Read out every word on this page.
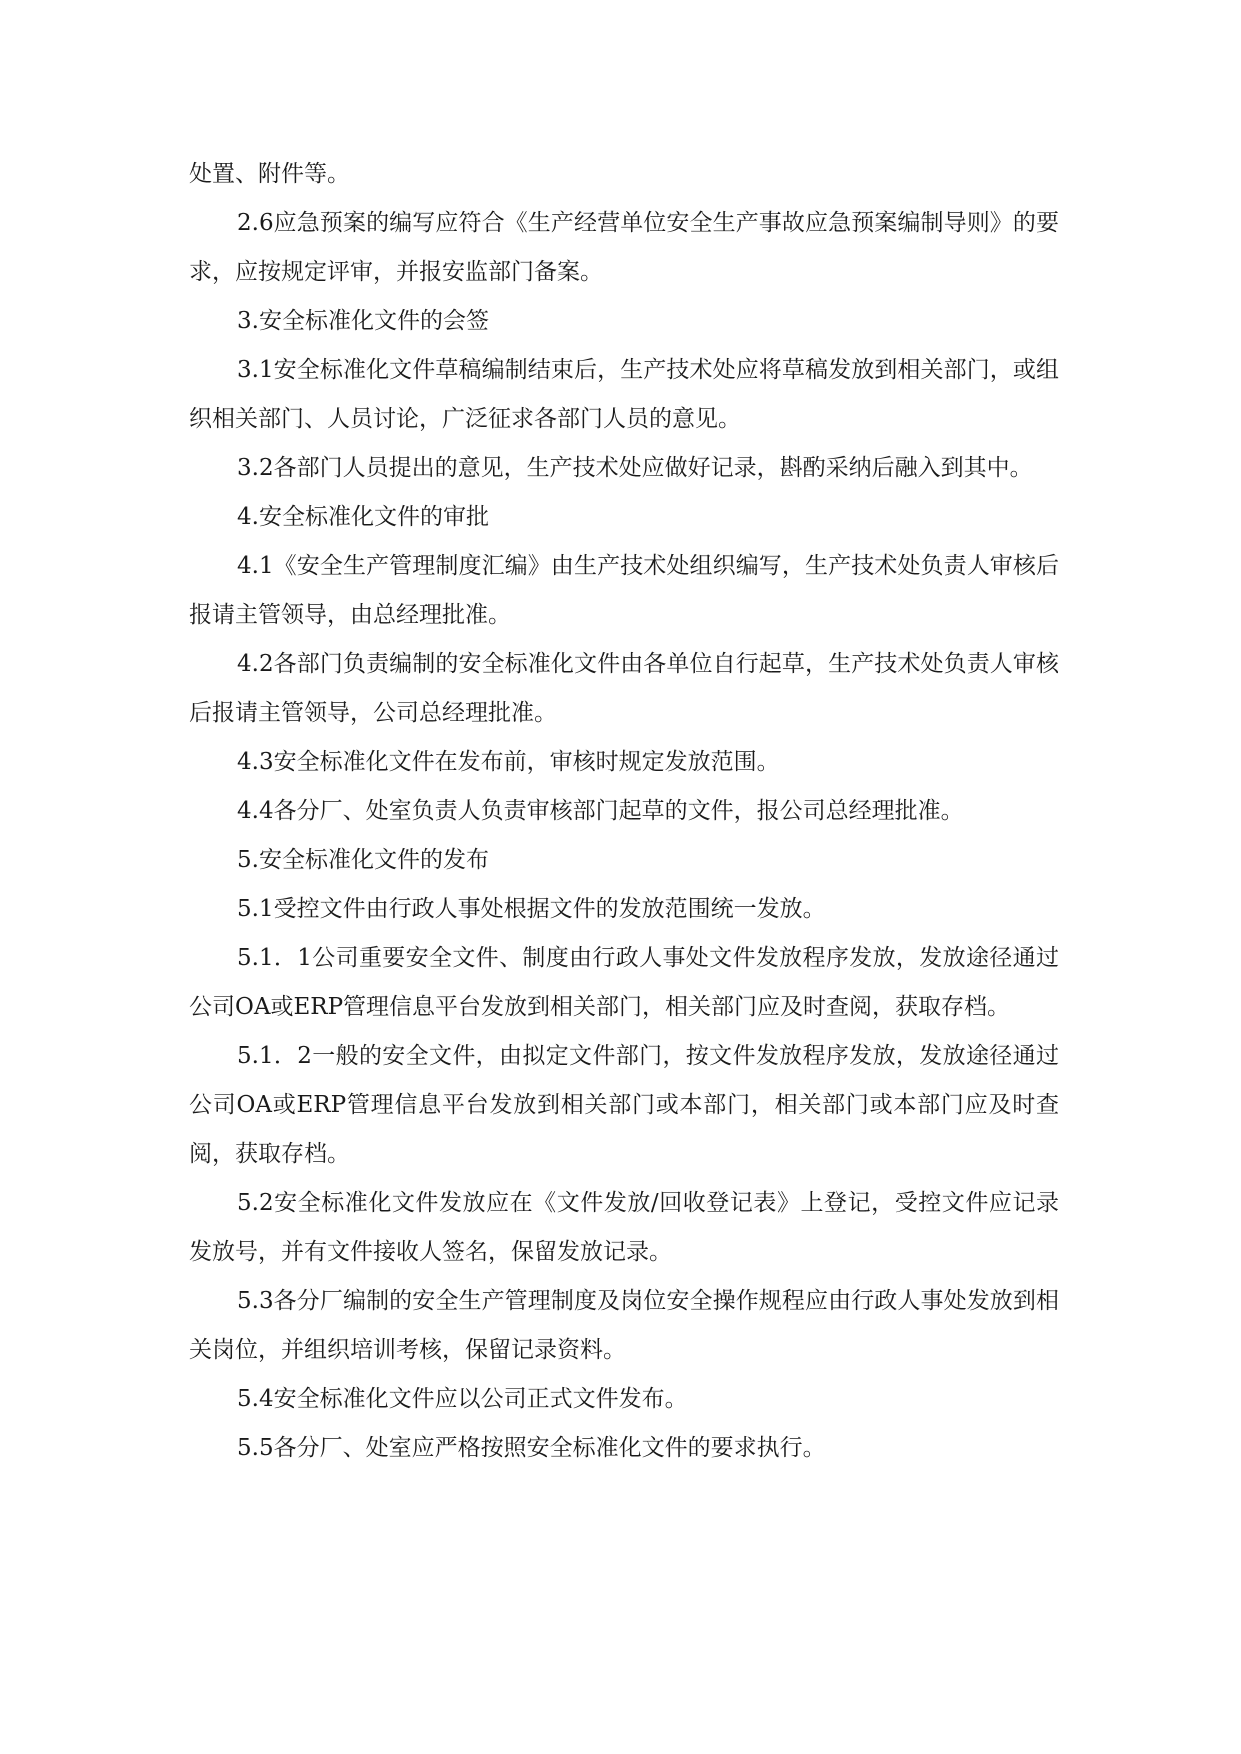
处置、附件等。

2.6应急预案的编写应符合《生产经营单位安全生产事故应急预案编制导则》的要求，应按规定评审，并报安监部门备案。

3.安全标准化文件的会签

3.1安全标准化文件草稿编制结束后，生产技术处应将草稿发放到相关部门，或组织相关部门、人员讨论，广泛征求各部门人员的意见。

3.2各部门人员提出的意见，生产技术处应做好记录，斟酌采纳后融入到其中。

4.安全标准化文件的审批

4.1《安全生产管理制度汇编》由生产技术处组织编写，生产技术处负责人审核后报请主管领导，由总经理批准。

4.2各部门负责编制的安全标准化文件由各单位自行起草，生产技术处负责人审核后报请主管领导，公司总经理批准。

4.3安全标准化文件在发布前，审核时规定发放范围。

4.4各分厂、处室负责人负责审核部门起草的文件，报公司总经理批准。

5.安全标准化文件的发布

5.1受控文件由行政人事处根据文件的发放范围统一发放。

5.1．1公司重要安全文件、制度由行政人事处文件发放程序发放，发放途径通过公司OA或ERP管理信息平台发放到相关部门，相关部门应及时查阅，获取存档。

5.1．2一般的安全文件，由拟定文件部门，按文件发放程序发放，发放途径通过公司OA或ERP管理信息平台发放到相关部门或本部门，相关部门或本部门应及时查阅，获取存档。

5.2安全标准化文件发放应在《文件发放/回收登记表》上登记，受控文件应记录发放号，并有文件接收人签名，保留发放记录。

5.3各分厂编制的安全生产管理制度及岗位安全操作规程应由行政人事处发放到相关岗位，并组织培训考核，保留记录资料。

5.4安全标准化文件应以公司正式文件发布。

5.5各分厂、处室应严格按照安全标准化文件的要求执行。
